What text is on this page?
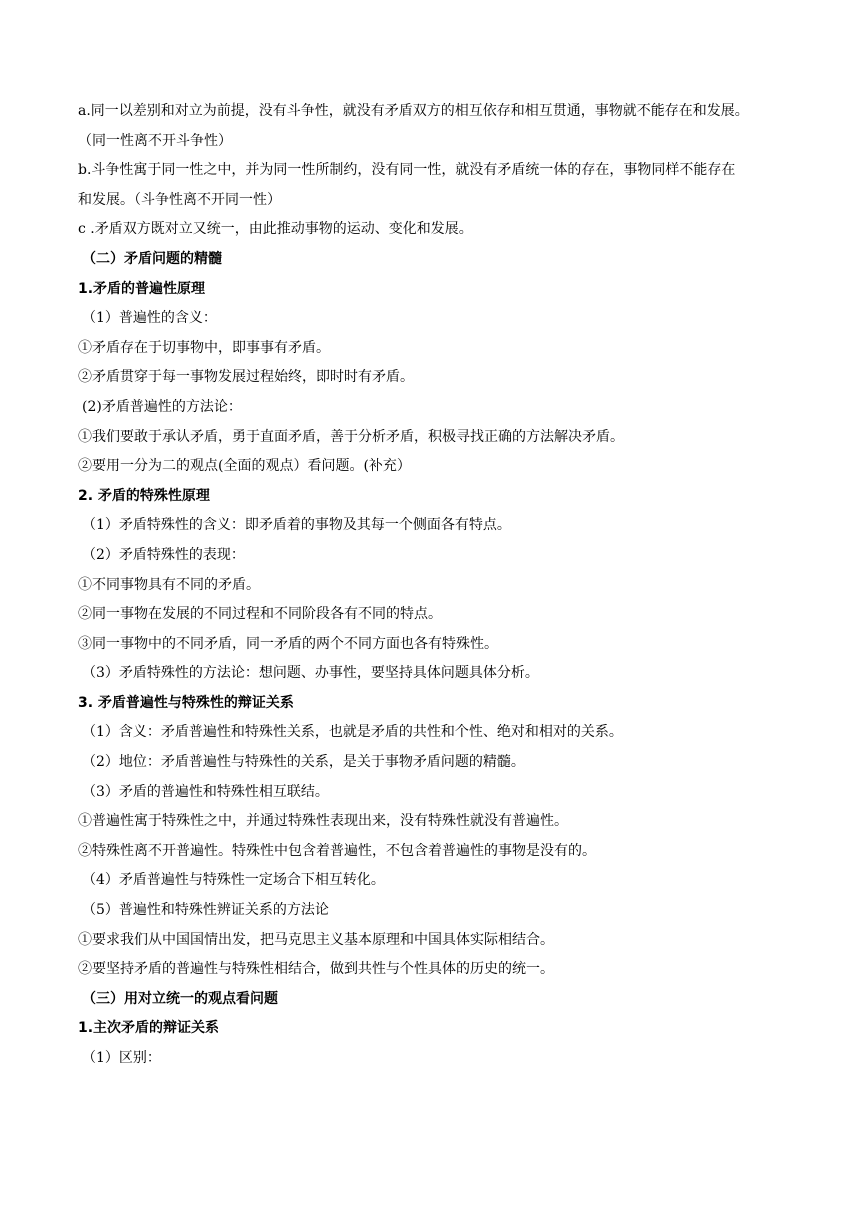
a.同一以差别和对立为前提，没有斗争性，就没有矛盾双方的相互依存和相互贯通，事物就不能存在和发展。
（同一性离不开斗争性）
b.斗争性寓于同一性之中，并为同一性所制约，没有同一性，就没有矛盾统一体的存在，事物同样不能存在
和发展。（斗争性离不开同一性）
c .矛盾双方既对立又统一，由此推动事物的运动、变化和发展。
（二）矛盾问题的精髓
1.矛盾的普遍性原理
（1）普遍性的含义：
①矛盾存在于切事物中，即事事有矛盾。
②矛盾贯穿于每一事物发展过程始终，即时时有矛盾。
(2)矛盾普遍性的方法论：
①我们要敢于承认矛盾，勇于直面矛盾，善于分析矛盾，积极寻找正确的方法解决矛盾。
②要用一分为二的观点(全面的观点）看问题。(补充）
2. 矛盾的特殊性原理
（1）矛盾特殊性的含义：即矛盾着的事物及其每一个侧面各有特点。
（2）矛盾特殊性的表现：
①不同事物具有不同的矛盾。
②同一事物在发展的不同过程和不同阶段各有不同的特点。
③同一事物中的不同矛盾，同一矛盾的两个不同方面也各有特殊性。
（3）矛盾特殊性的方法论：想问题、办事性，要坚持具体问题具体分析。
3. 矛盾普遍性与特殊性的辩证关系
（1）含义：矛盾普遍性和特殊性关系，也就是矛盾的共性和个性、绝对和相对的关系。
（2）地位：矛盾普遍性与特殊性的关系，是关于事物矛盾问题的精髓。
（3）矛盾的普遍性和特殊性相互联结。
①普遍性寓于特殊性之中，并通过特殊性表现出来，没有特殊性就没有普遍性。
②特殊性离不开普遍性。特殊性中包含着普遍性，不包含着普遍性的事物是没有的。
（4）矛盾普遍性与特殊性一定场合下相互转化。
（5）普遍性和特殊性辨证关系的方法论
①要求我们从中国国情出发，把马克思主义基本原理和中国具体实际相结合。
②要坚持矛盾的普遍性与特殊性相结合，做到共性与个性具体的历史的统一。
（三）用对立统一的观点看问题
1.主次矛盾的辩证关系
（1）区别：
